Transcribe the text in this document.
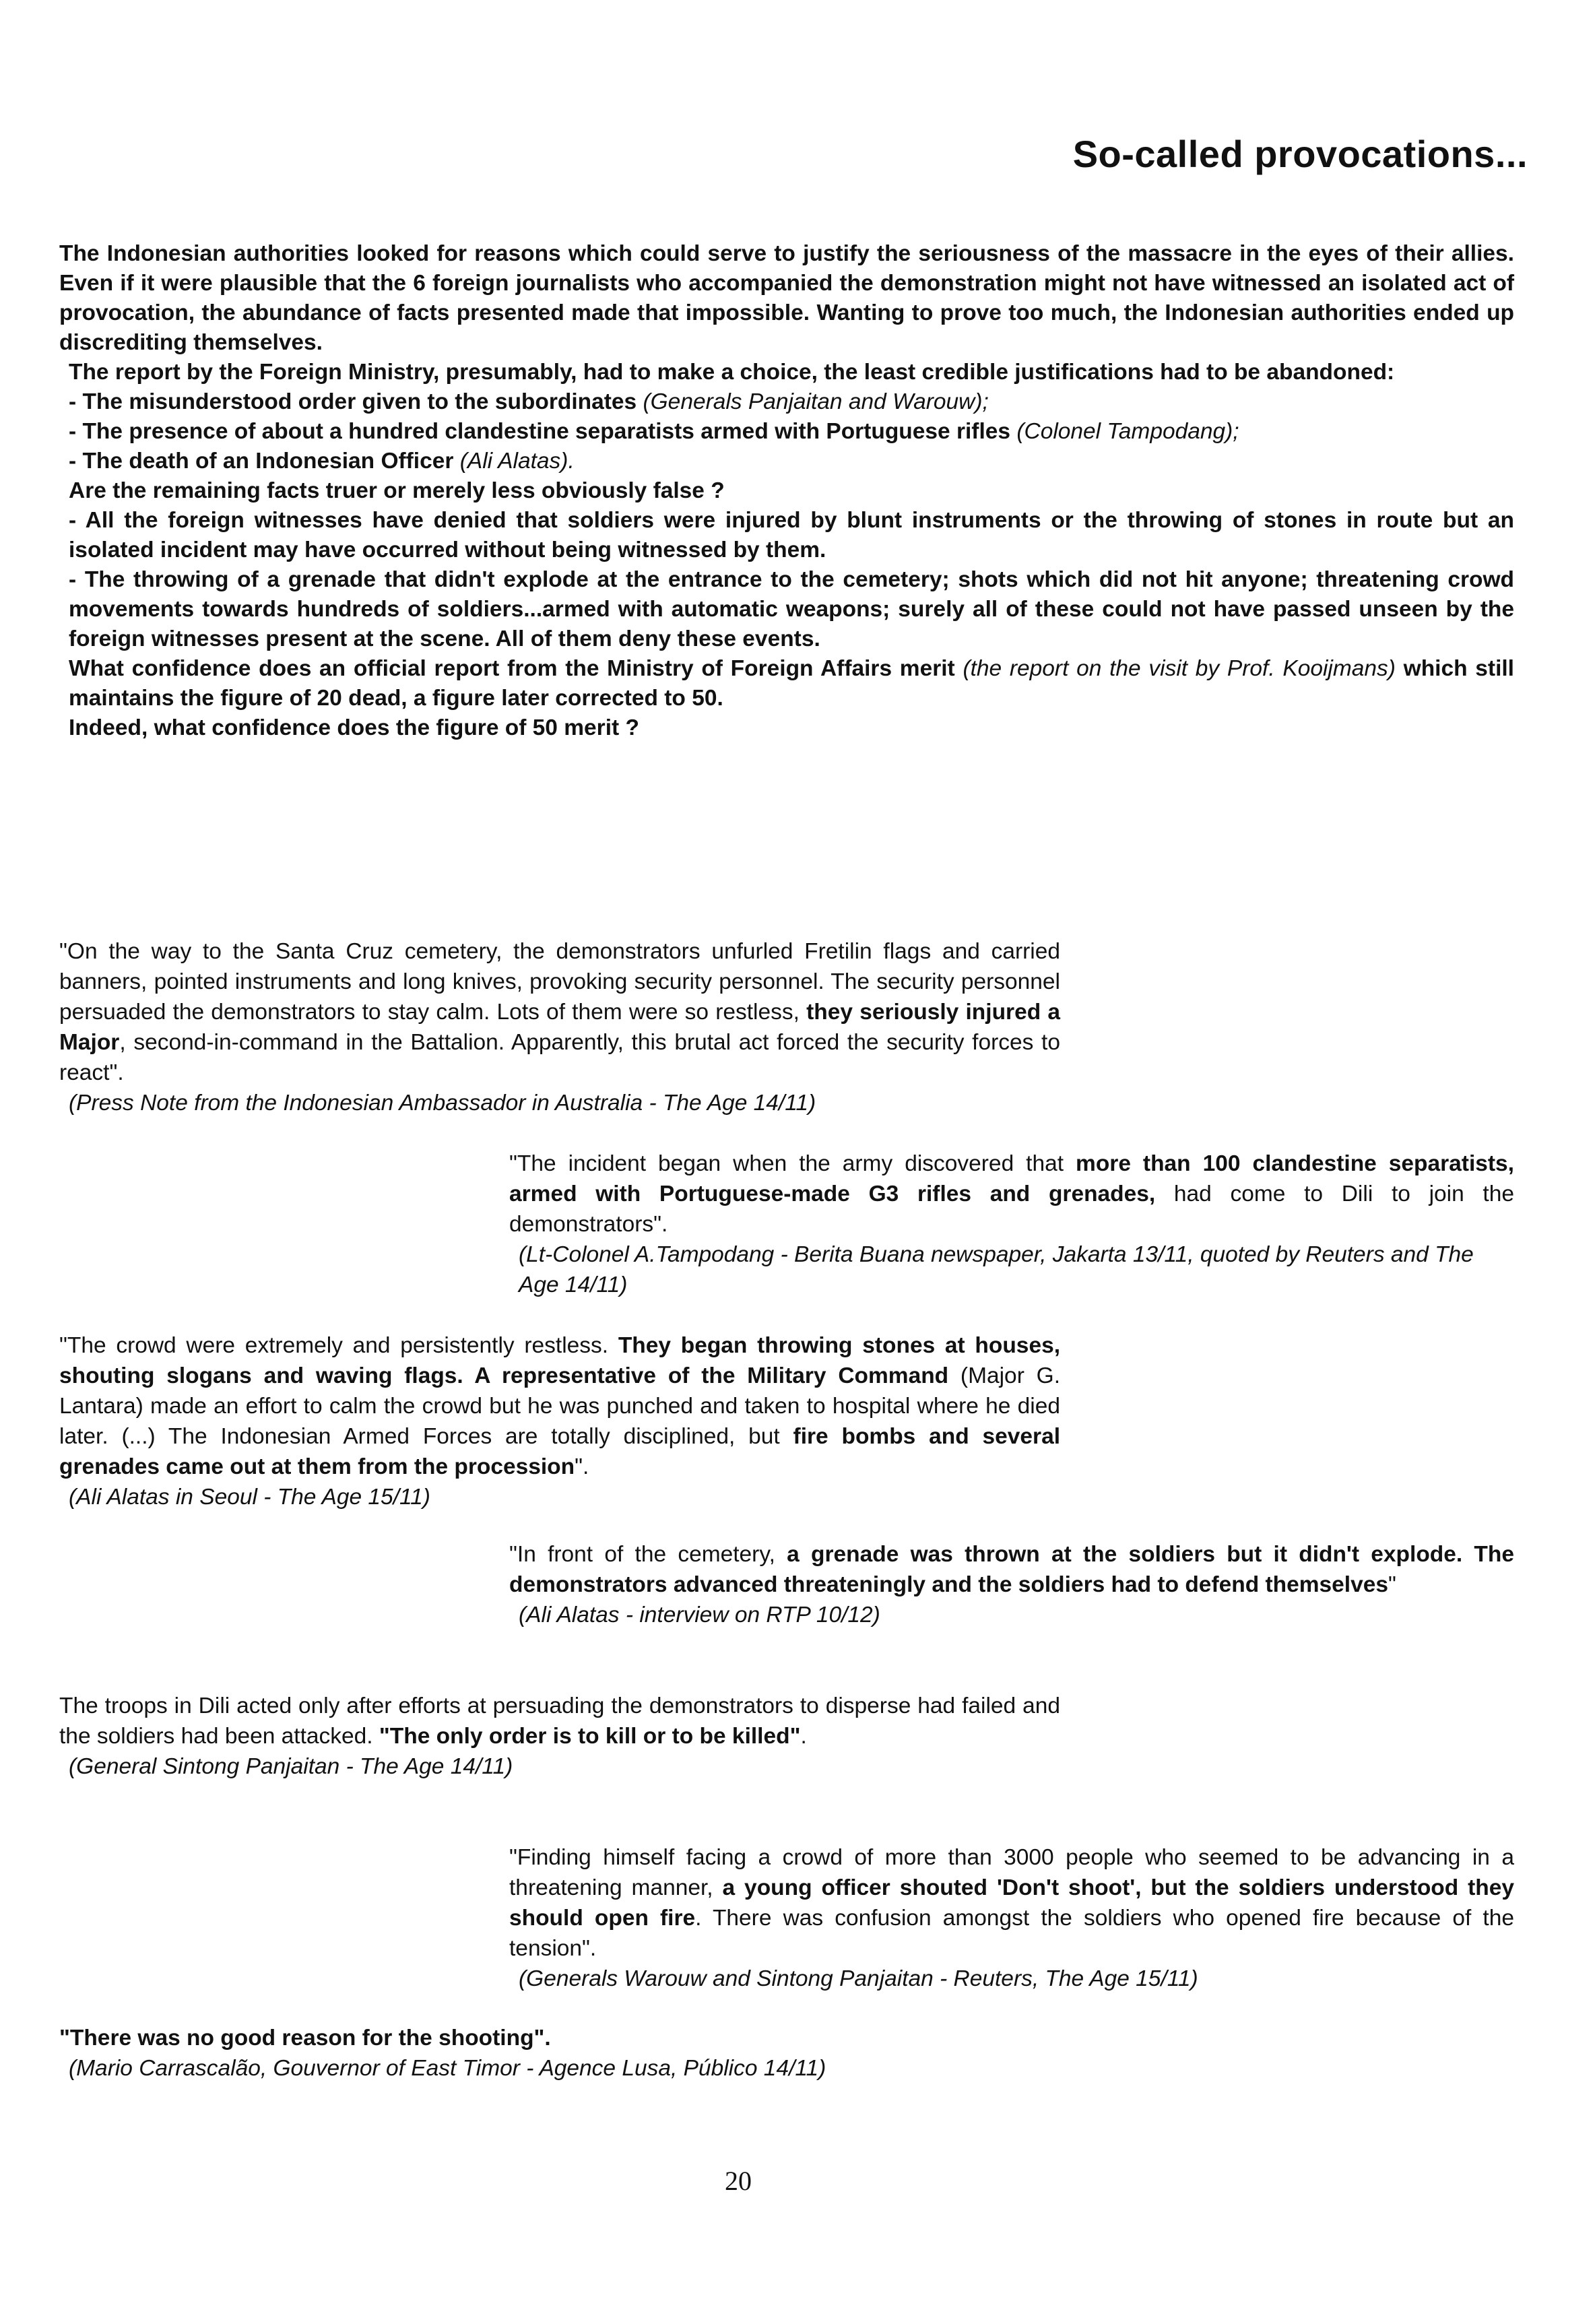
So-called provocations...

The Indonesian authorities looked for reasons which could serve to justify the seriousness of the massacre in the eyes of their allies. Even if it were plausible that the 6 foreign journalists who accompanied the demonstration might not have witnessed an isolated act of provocation, the abundance of facts presented made that impossible. Wanting to prove too much, the Indonesian authorities ended up discrediting themselves.

The report by the Foreign Ministry, presumably, had to make a choice, the least credible justifications had to be abandoned:

- The misunderstood order given to the subordinates (Generals Panjaitan and Warouw);

- The presence of about a hundred clandestine separatists armed with Portuguese rifles (Colonel Tampodang);

- The death of an Indonesian Officer (Ali Alatas).

Are the remaining facts truer or merely less obviously false ?

- All the foreign witnesses have denied that soldiers were injured by blunt instruments or the throwing of stones in route but an isolated incident may have occurred without being witnessed by them.

- The throwing of a grenade that didn't explode at the entrance to the cemetery; shots which did not hit anyone; threatening crowd movements towards hundreds of soldiers...armed with automatic weapons; surely all of these could not have passed unseen by the foreign witnesses present at the scene. All of them deny these events.

What confidence does an official report from the Ministry of Foreign Affairs merit (the report on the visit by Prof. Kooijmans) which still maintains the figure of 20 dead, a figure later corrected to 50.

Indeed, what confidence does the figure of 50 merit ?

"On the way to the Santa Cruz cemetery, the demonstrators unfurled Fretilin flags and carried banners, pointed instruments and long knives, provoking security personnel. The security personnel persuaded the demonstrators to stay calm. Lots of them were so restless, they seriously injured a Major, second-in-command in the Battalion. Apparently, this brutal act forced the security forces to react".

(Press Note from the Indonesian Ambassador in Australia - The Age 14/11)

"The incident began when the army discovered that more than 100 clandestine separatists, armed with Portuguese-made G3 rifles and grenades, had come to Dili to join the demonstrators".

(Lt-Colonel A.Tampodang - Berita Buana newspaper, Jakarta 13/11, quoted by Reuters and The Age 14/11)

"The crowd were extremely and persistently restless. They began throwing stones at houses, shouting slogans and waving flags. A representative of the Military Command (Major G. Lantara) made an effort to calm the crowd but he was punched and taken to hospital where he died later. (...) The Indonesian Armed Forces are totally disciplined, but fire bombs and several grenades came out at them from the procession".

(Ali Alatas in Seoul - The Age 15/11)

"In front of the cemetery, a grenade was thrown at the soldiers but it didn't explode. The demonstrators advanced threateningly and the soldiers had to defend themselves"

(Ali Alatas - interview on RTP 10/12)

The troops in Dili acted only after efforts at persuading the demonstrators to disperse had failed and the soldiers had been attacked. "The only order is to kill or to be killed".

(General Sintong Panjaitan - The Age 14/11)

"Finding himself facing a crowd of more than 3000 people who seemed to be advancing in a threatening manner, a young officer shouted 'Don't shoot', but the soldiers understood they should open fire. There was confusion amongst the soldiers who opened fire because of the tension".

(Generals Warouw and Sintong Panjaitan - Reuters, The Age 15/11)

"There was no good reason for the shooting".

(Mario Carrascalão, Gouvernor of East Timor - Agence Lusa, Público 14/11)

20
